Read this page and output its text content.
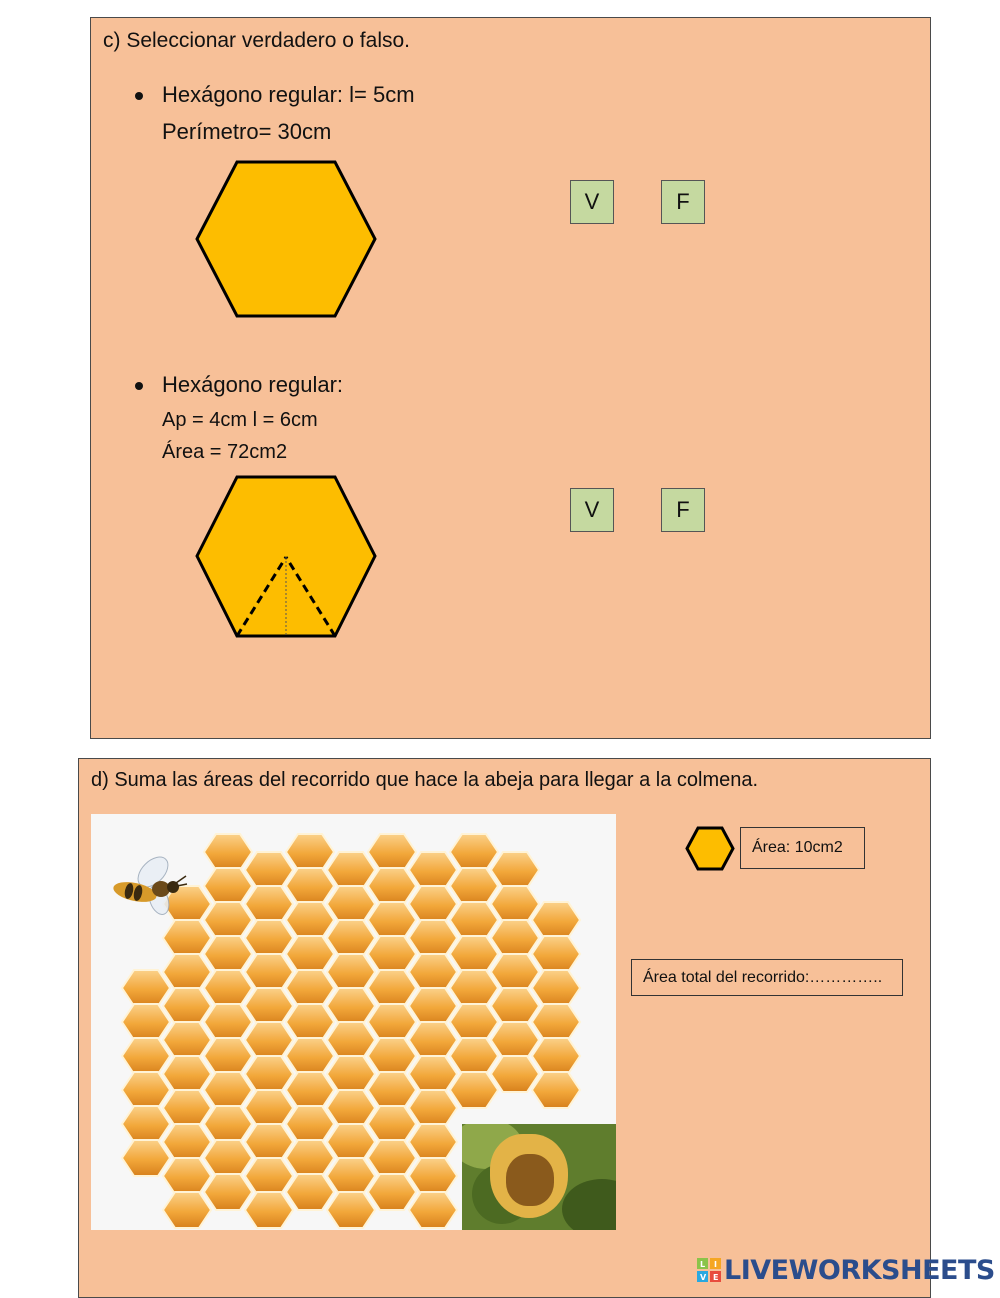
c) Seleccionar verdadero o falso.
Hexágono regular: l= 5cm
Perímetro= 30cm
V	F
Hexágono regular:
Ap = 4cm l = 6cm
Área = 72cm2
V	F
d) Suma las áreas del recorrido que hace la abeja para llegar a la colmena.
Área: 10cm2
Área total del recorrido:…………..
L I
V E LIVEWORKSHEETS
